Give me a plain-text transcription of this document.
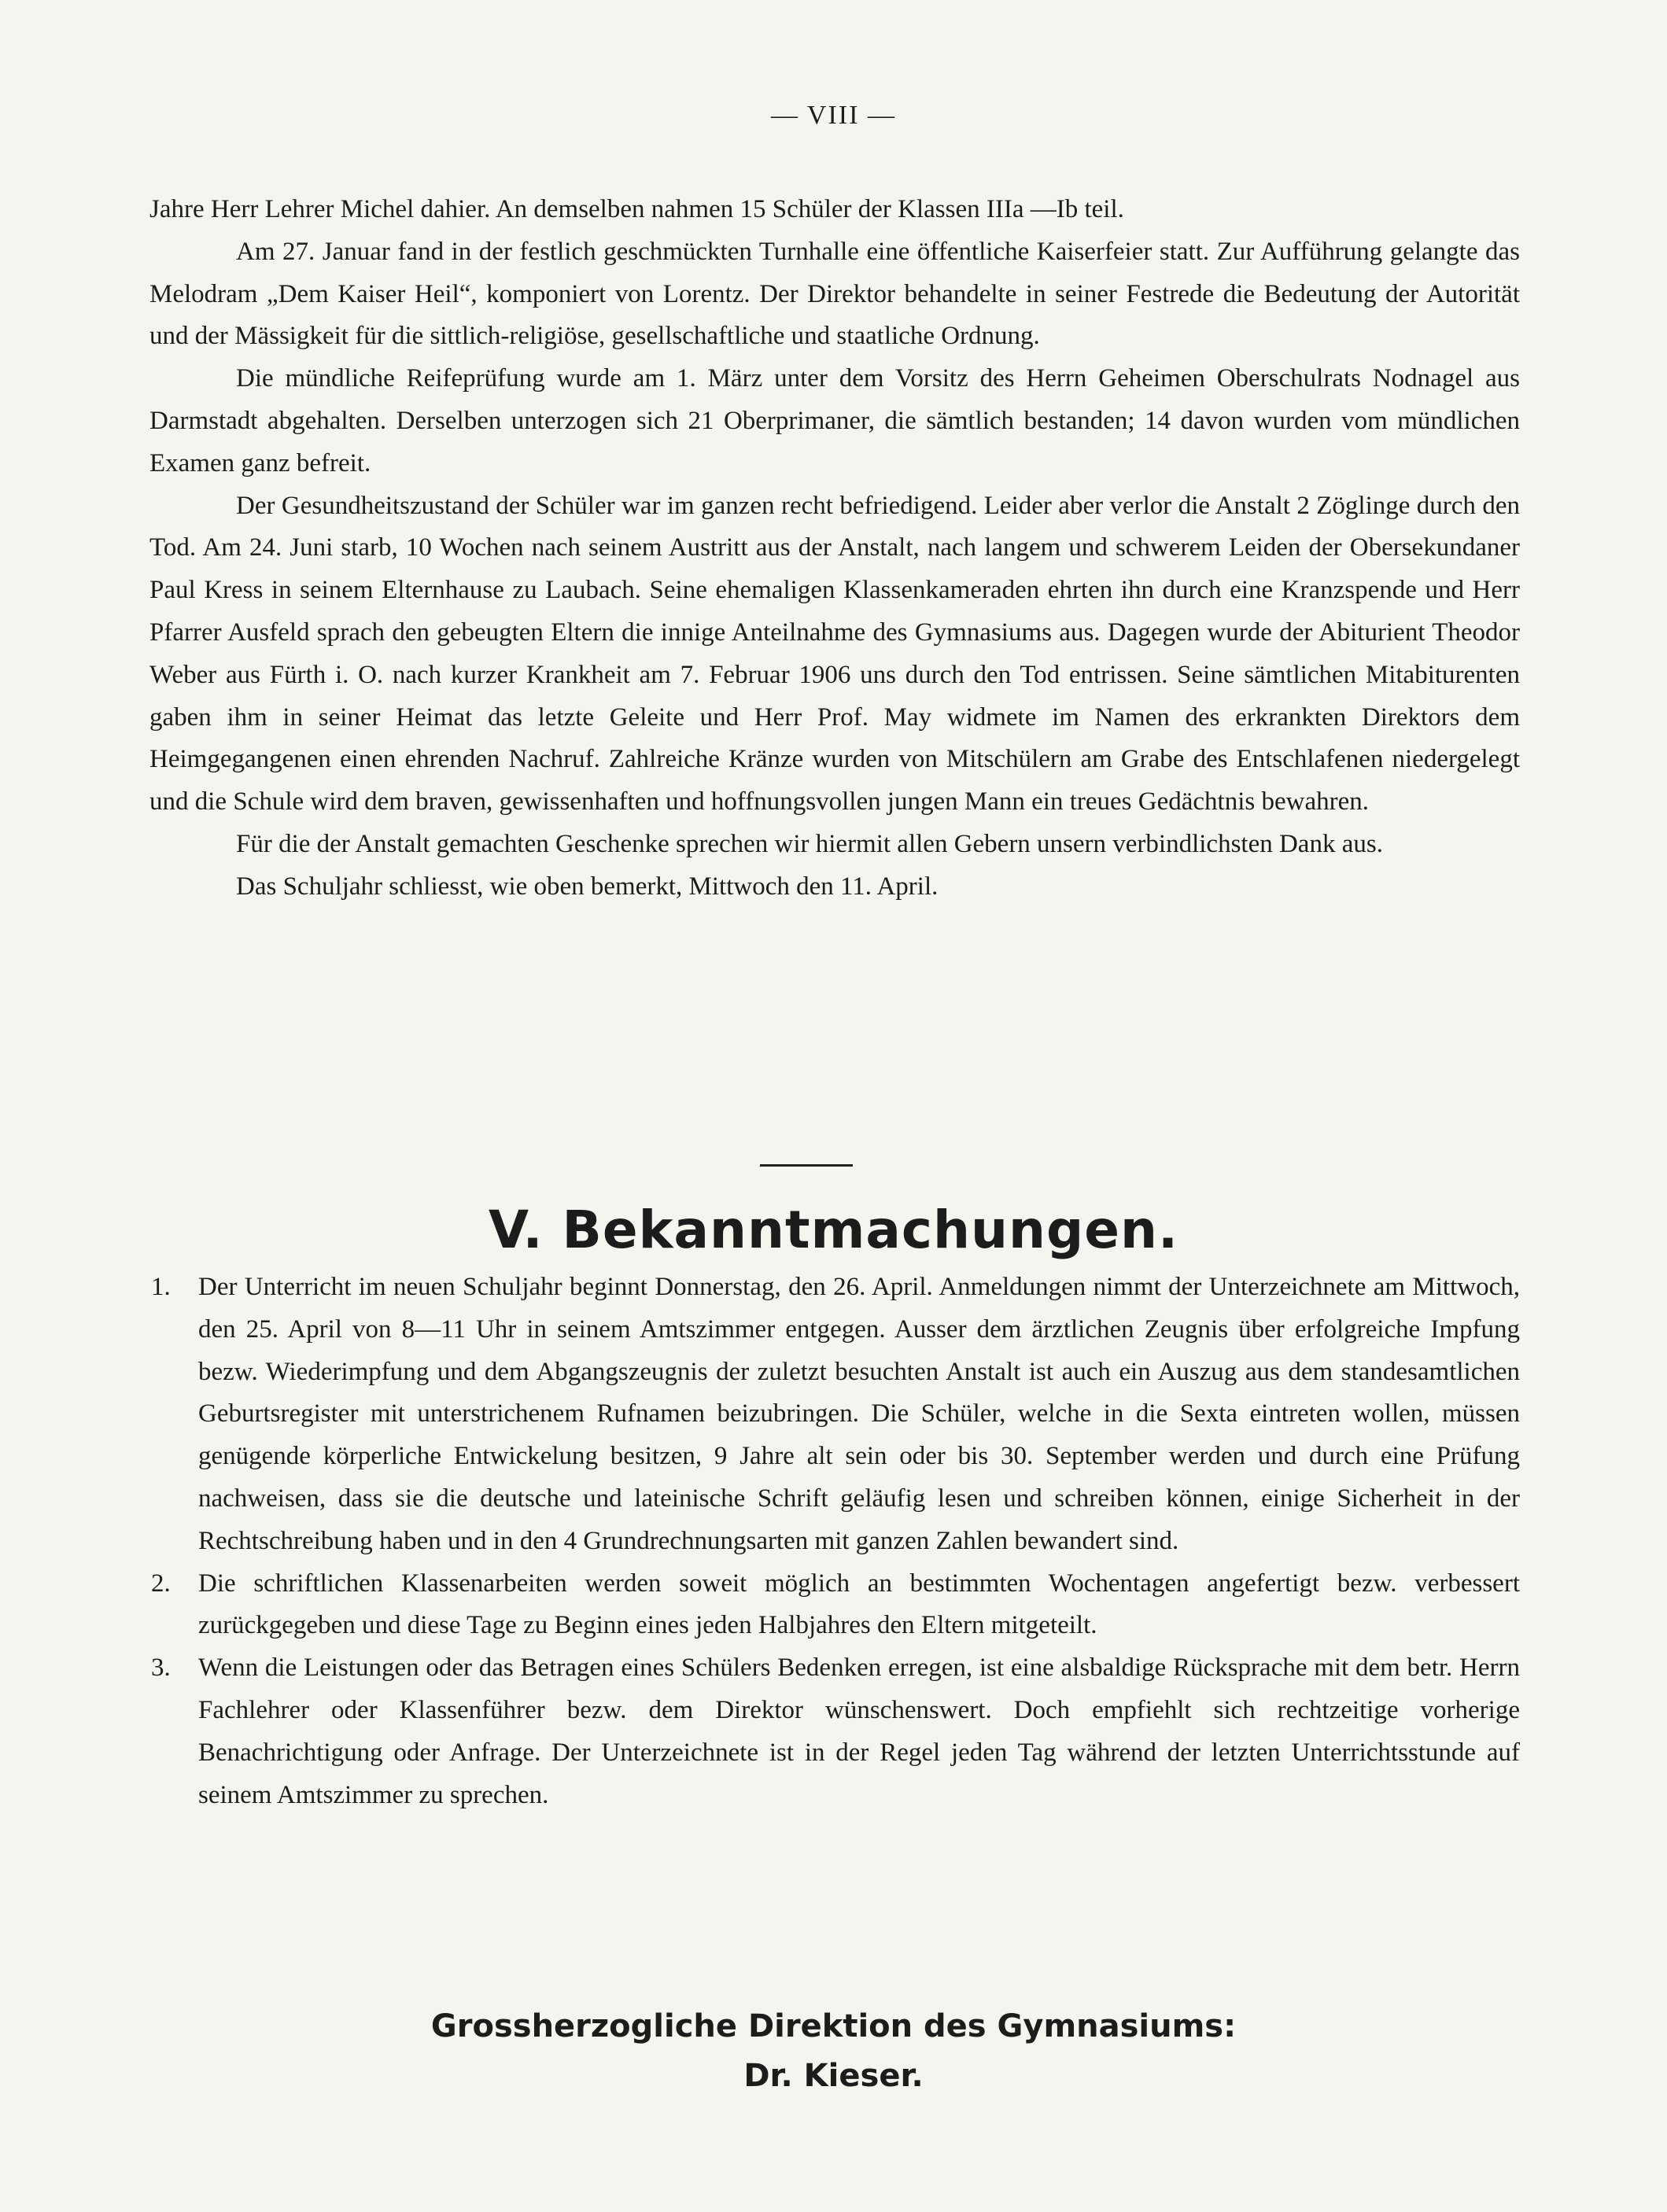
— VIII —

Jahre Herr Lehrer Michel dahier. An demselben nahmen 15 Schüler der Klassen IIIa —Ib teil.

Am 27. Januar fand in der festlich geschmückten Turnhalle eine öffentliche Kaiserfeier statt. Zur Aufführung gelangte das Melodram „Dem Kaiser Heil“, komponiert von Lorentz. Der Direktor behandelte in seiner Festrede die Bedeutung der Autorität und der Mässigkeit für die sittlich-religiöse, gesellschaftliche und staatliche Ordnung.

Die mündliche Reifeprüfung wurde am 1. März unter dem Vorsitz des Herrn Geheimen Oberschulrats Nodnagel aus Darmstadt abgehalten. Derselben unterzogen sich 21 Oberprimaner, die sämtlich bestanden; 14 davon wurden vom mündlichen Examen ganz befreit.

Der Gesundheitszustand der Schüler war im ganzen recht befriedigend. Leider aber verlor die Anstalt 2 Zöglinge durch den Tod. Am 24. Juni starb, 10 Wochen nach seinem Austritt aus der Anstalt, nach langem und schwerem Leiden der Obersekundaner Paul Kress in seinem Elternhause zu Laubach. Seine ehemaligen Klassenkameraden ehrten ihn durch eine Kranzspende und Herr Pfarrer Ausfeld sprach den gebeugten Eltern die innige Anteilnahme des Gymnasiums aus. Dagegen wurde der Abiturient Theodor Weber aus Fürth i. O. nach kurzer Krankheit am 7. Februar 1906 uns durch den Tod entrissen. Seine sämtlichen Mitabiturenten gaben ihm in seiner Heimat das letzte Geleite und Herr Prof. May widmete im Namen des erkrankten Direktors dem Heimgegangenen einen ehrenden Nachruf. Zahlreiche Kränze wurden von Mitschülern am Grabe des Entschlafenen niedergelegt und die Schule wird dem braven, gewissenhaften und hoffnungsvollen jungen Mann ein treues Gedächtnis bewahren.

Für die der Anstalt gemachten Geschenke sprechen wir hiermit allen Gebern unsern verbindlichsten Dank aus.

Das Schuljahr schliesst, wie oben bemerkt, Mittwoch den 11. April.

V. Bekanntmachungen.
1. Der Unterricht im neuen Schuljahr beginnt Donnerstag, den 26. April. Anmeldungen nimmt der Unterzeichnete am Mittwoch, den 25. April von 8—11 Uhr in seinem Amtszimmer entgegen. Ausser dem ärztlichen Zeugnis über erfolgreiche Impfung bezw. Wiederimpfung und dem Abgangszeugnis der zuletzt besuchten Anstalt ist auch ein Auszug aus dem standesamtlichen Geburtsregister mit unterstrichenem Rufnamen beizubringen. Die Schüler, welche in die Sexta eintreten wollen, müssen genügende körperliche Entwickelung besitzen, 9 Jahre alt sein oder bis 30. September werden und durch eine Prüfung nachweisen, dass sie die deutsche und lateinische Schrift geläufig lesen und schreiben können, einige Sicherheit in der Rechtschreibung haben und in den 4 Grundrechnungsarten mit ganzen Zahlen bewandert sind.
2. Die schriftlichen Klassenarbeiten werden soweit möglich an bestimmten Wochentagen angefertigt bezw. verbessert zurückgegeben und diese Tage zu Beginn eines jeden Halbjahres den Eltern mitgeteilt.
3. Wenn die Leistungen oder das Betragen eines Schülers Bedenken erregen, ist eine alsbaldige Rücksprache mit dem betr. Herrn Fachlehrer oder Klassenführer bezw. dem Direktor wünschenswert. Doch empfiehlt sich rechtzeitige vorherige Benachrichtigung oder Anfrage. Der Unterzeichnete ist in der Regel jeden Tag während der letzten Unterrichtsstunde auf seinem Amtszimmer zu sprechen.
Grossherzogliche Direktion des Gymnasiums:
Dr. Kieser.
